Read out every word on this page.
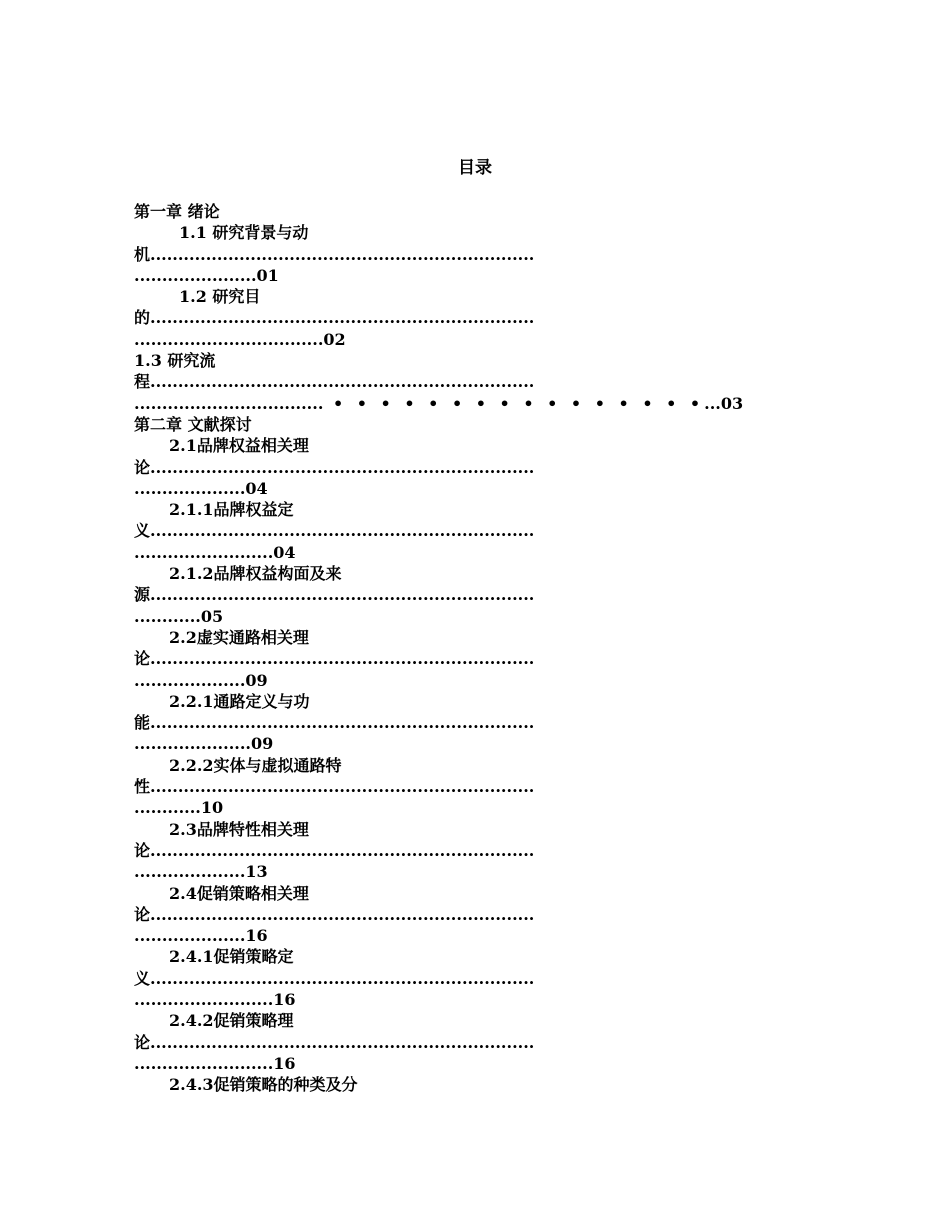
目录
第一章 绪论
1.1 研究背景与动
机.....................................................................
......................01
1.2 研究目
的.....................................................................
..................................02
1.3 研究流
程.....................................................................
.................................. • • • • • • • • • • • • • • • •...03
第二章 文献探讨
2.1品牌权益相关理
论.....................................................................
....................04
2.1.1品牌权益定
义.....................................................................
.........................04
2.1.2品牌权益构面及来
源.....................................................................
............05
2.2虚实通路相关理
论.....................................................................
....................09
2.2.1通路定义与功
能.....................................................................
.....................09
2.2.2实体与虚拟通路特
性.....................................................................
............10
2.3品牌特性相关理
论.....................................................................
....................13
2.4促销策略相关理
论.....................................................................
....................16
2.4.1促销策略定
义.....................................................................
.........................16
2.4.2促销策略理
论.....................................................................
.........................16
2.4.3促销策略的种类及分
